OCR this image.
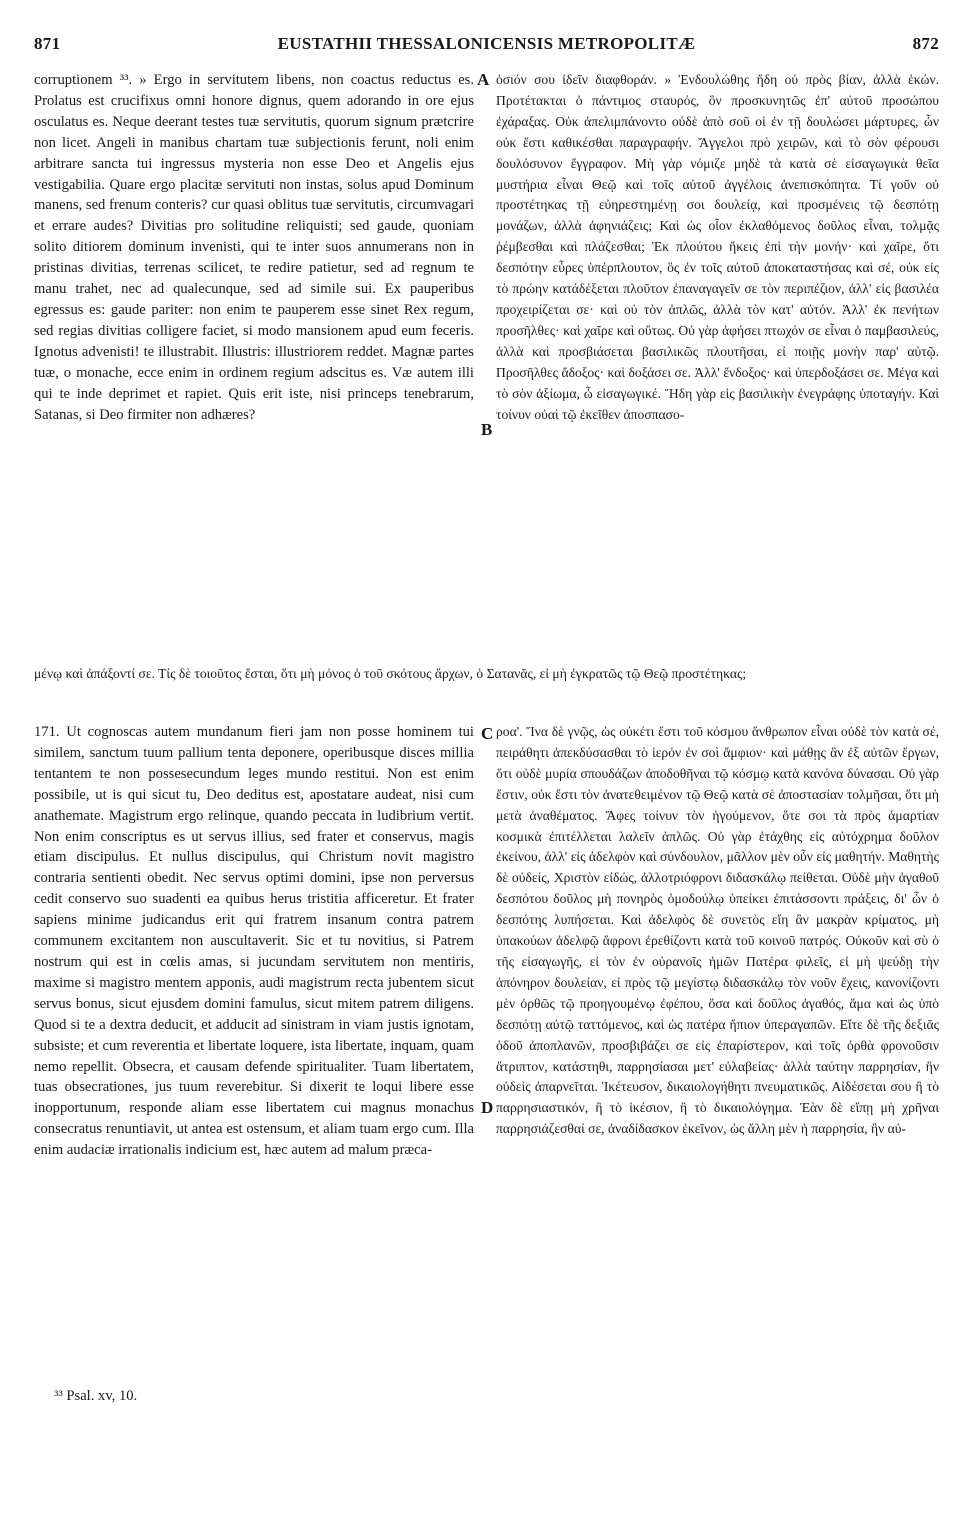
871	EUSTATHII THESSALONICENSIS METROPOLITÆ	872

corruptionem ³³. » Ergo in servitutem libens, non coactus reductus es. Prolatus est crucifixus omni honore dignus, quem adorando in ore ejus osculatus es. Neque deerant testes tuæ servitutis, quorum signum prætcrire non licet. Angeli in manibus chartam tuæ subjectionis ferunt, noli enim arbitrare sancta tui ingressus mysteria non esse Deo et Angelis ejus vestigabilia. Quare ergo placitæ servituti non instas, solus apud Dominum manens, sed frenum conteris? cur quasi oblitus tuæ servitutis, circumvagari et errare audes? Divitias pro solitudine reliquisti; sed gaude, quoniam solito ditiorem dominum invenisti, qui te inter suos annumerans non in pristinas divitias, terrenas scilicet, te redire patietur, sed ad regnum te manu trahet, nec ad qualecunque, sed ad simile sui. Ex pauperibus egressus es: gaude pariter: non enim te pauperem esse sinet Rex regum, sed regias divitias colligere faciet, si modo mansionem apud eum feceris. Ignotus advenisti! te illustrabit. Illustris: illustriorem reddet. Magnæ partes tuæ, o monache, ecce enim in ordinem regium adscitus es. Væ autem illi qui te inde deprimet et rapiet. Quis erit iste, nisi princeps tenebrarum, Satanas, si Deo firmiter non adhæres?

A
B

ὁσιόν σου ἰδεῖν διαφθοράν. » Ἐνδουλώθης ἤδη οὐ πρὸς βίαν, ἀλλὰ ἑκών. Προτέτακται ὁ πάντιμος σταυρός, ὃν προσκυνητῶς ἐπ' αὐτοῦ προσώπου ἐχάραξας. Οὐκ ἀπελιμπάνοντο οὐδὲ ἀπὸ σοῦ οἱ ἐν τῇ δουλώσει μάρτυρες, ὧν οὐκ ἔστι καθικέσθαι παραγραφήν. Ἄγγελοι πρὸ χειρῶν, καὶ τὸ σὸν φέρουσι δουλόσυνον ἔγγραφον. Μὴ γὰρ νόμιζε μηδὲ τὰ κατὰ σὲ εἰσαγωγικὰ θεῖα μυστήρια εἶναι Θεῷ καὶ τοῖς αὐτοῦ ἀγγέλοις ἀνεπισκόπητα. Τί γοῦν οὐ προστέτηκας τῇ εὐηρεστημένῃ σοι δουλείᾳ, καὶ προσμένεις τῷ δεσπότῃ μονάζων, ἀλλὰ ἀφηνιάζεις; Καὶ ὡς οἷον ἐκλαθόμενος δοῦλος εἶναι, τολμᾷς ῥέμβεσθαι καὶ πλάζεσθαι; Ἐκ πλούτου ἥκεις ἐπὶ τὴν μονήν· καὶ χαῖρε, ὅτι δεσπότην εὗρες ὑπέρπλουτον, ὃς ἐν τοῖς αὐτοῦ ἀποκαταστήσας καὶ σέ, οὐκ εἰς τὸ πρώην κατάδέξεται πλοῦτον ἐπαναγαγεῖν σε τὸν περιπέζιον, ἀλλ' εἰς βασιλέα προχειρίζεται σε· καὶ οὐ τὸν ἁπλῶς, ἀλλὰ τὸν κατ' αὐτόν. Ἀλλ' ἐκ πενήτων προσῆλθες· καὶ χαῖρε καὶ οὕτως. Οὐ γὰρ ἀφήσει πτωχόν σε εἶναι ὁ παμβασιλεύς, ἀλλὰ καὶ προσβιάσεται βασιλικῶς πλουτῆσαι, εἰ ποιῇς μονὴν παρ' αὐτῷ. Προσῆλθες ἄδοξος· καὶ δοξάσει σε. Ἀλλ' ἔνδοξος· καὶ ὑπερδοξάσει σε. Μέγα καὶ τὸ σὸν ἀξίωμα, ὦ εἰσαγωγικέ. Ἤδη γὰρ εἰς βασιλικὴν ἐνεγράφης ὑποταγήν. Καὶ τοίνυν οὐαὶ τῷ ἐκεῖθεν ἀποσπασο-

μένῳ καὶ ἀπάξοντί σε. Τίς δὲ τοιοῦτος ἔσται, ὅτι μὴ μόνος ὁ τοῦ σκότους ἄρχων, ὁ Σατανᾶς, εἰ μὴ ἐγκρατῶς τῷ Θεῷ προστέτηκας;

171. Ut cognoscas autem mundanum fieri jam non posse hominem tui similem, sanctum tuum pallium tenta deponere, operibusque disces millia tentantem te non possesecundum leges mundo restitui. Non est enim possibile, ut is qui sicut tu, Deo deditus est, apostatare audeat, nisi cum anathemate. Magistrum ergo relinque, quando peccata in ludibrium vertit. Non enim conscriptus es ut servus illius, sed frater et conservus, magis etiam discipulus. Et nullus discipulus, qui Christum novit magistro contraria sentienti obedit. Nec servus optimi domini, ipse non perversus cedit conservo suo suadenti ea quibus herus tristitia afficeretur. Et frater sapiens minime judicandus erit qui fratrem insanum contra patrem communem excitantem non auscultaverit. Sic et tu novitius, si Patrem nostrum qui est in cœlis amas, si jucundam servitutem non mentiris, maxime si magistro mentem apponis, audi magistrum recta jubentem sicut servus bonus, sicut ejusdem domini famulus, sicut mitem patrem diligens. Quod si te a dextra deducit, et adducit ad sinistram in viam justis ignotam, subsiste; et cum reverentia et libertate loquere, ista libertate, inquam, quam nemo repellit. Obsecra, et causam defende spiritualiter. Tuam libertatem, tuas obsecrationes, jus tuum reverebitur. Si dixerit te loqui libere esse inopportunum, responde aliam esse libertatem cui magnus monachus consecratus renuntiavit, ut antea est ostensum, et aliam tuam ergo cum. Illa enim audaciæ irrationalis indicium est, hæc autem ad malum præca-

C
D

ροα'. Ἵνα δὲ γνῷς, ὡς οὐκέτι ἔστι τοῦ κόσμου ἄνθρωπον εἶναι οὐδὲ τὸν κατὰ σέ, πειράθητι ἀπεκδύσασθαι τὸ ἱερόν ἐν σοὶ ἄμφιον· καὶ μάθῃς ἂν ἐξ αὐτῶν ἔργων, ὅτι οὐδὲ μυρία σπουδάζων ἀποδοθῆναι τῷ κόσμῳ κατὰ κανόνα δύνασαι. Οὐ γὰρ ἔστιν, οὐκ ἔστι τὸν ἀνατεθειμένον τῷ Θεῷ κατὰ σὲ ἀποστασίαν τολμῆσαι, ὅτι μὴ μετὰ ἀναθέματος. Ἄφες τοίνυν τὸν ἡγούμενον, ὅτε σοι τὰ πρὸς ἁμαρτίαν κοσμικὰ ἐπιτέλλεται λαλεῖν ἁπλῶς. Οὐ γὰρ ἐτάχθης εἰς αὐτόχρημα δοῦλον ἐκείνου, ἀλλ' εἰς ἀδελφὸν καὶ σύνδουλον, μᾶλλον μὲν οὖν εἰς μαθητήν. Μαθητὴς δὲ οὐδείς, Χριστὸν εἰδώς, ἀλλοτριόφρονι διδασκάλῳ πείθεται. Οὐδὲ μὴν ἀγαθοῦ δεσπότου δοῦλος μὴ πονηρὸς ὁμοδούλῳ ὑπείκει ἐπιτάσσοντι πράξεις, δι' ὧν ὁ δεσπότης λυπήσεται. Καὶ ἀδελφὸς δὲ συνετὸς εἴη ἂν μακρὰν κρίματος, μὴ ὑπακούων ἀδελφῷ ἄφρονι ἐρεθίζοντι κατὰ τοῦ κοινοῦ πατρός. Οὐκοῦν καὶ σὺ ὁ τῆς εἰσαγωγῆς, εἰ τὸν ἐν οὐρανοῖς ἡμῶν Πατέρα φιλεῖς, εἰ μὴ ψεύδῃ τὴν ἀπόνηρον δουλείαν, εἰ πρὸς τῷ μεγίστῳ διδασκάλῳ τὸν νοῦν ἔχεις, κανονίζοντι μὲν ὀρθῶς τῷ προηγουμένῳ ἐφέπου, ὅσα καὶ δοῦλος ἀγαθός, ἅμα καὶ ὡς ὑπὸ δεσπότῃ αὐτῷ ταττόμενος, καὶ ὡς πατέρα ἤπιον ὑπεραγαπῶν. Εἴτε δὲ τῆς δεξιᾶς ὁδοῦ ἀποπλανῶν, προσβιβάζει σε εἰς ἐπαρίστερον, καὶ τοῖς ὀρθὰ φρονοῦσιν ἄτριπτον, κατάστηθι, παρρησίασαι μετ' εὐλαβείας· ἀλλὰ ταύτην παρρησίαν, ἣν οὐδεὶς ἀπαρνεῖται. Ἱκέτευσον, δικαιολογήθητι πνευματικῶς. Αἰδέσεται σου ἢ τὸ παρρησιαστικόν, ἢ τὸ ἱκέσιον, ἢ τὸ δικαιολόγημα. Ἐὰν δὲ εἴπῃ μὴ χρῆναι παρρησιάζεσθαί σε, ἀναδίδασκον ἐκεῖνον, ὡς ἄλλη μὲν ἡ παρρησία, ἣν αὐ-

³³ Psal. xv, 10.
